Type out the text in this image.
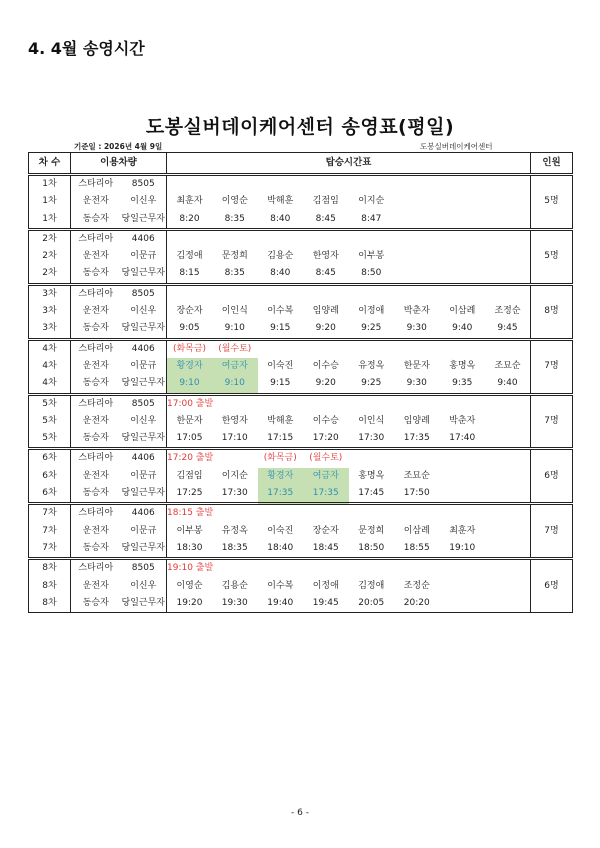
4. 4월 송영시간
도봉실버데이케어센터 송영표(평일)
기준일 : 2026년 4월 9일	도봉실버데이케어센터
차 수	이용차량		탑승시간표								인원
1차	스타리아	8505									5명
1차	운전자	이신우	최훈자	이영순	박해훈	김점임	이지순				
1차	동승자	당일근무자	8:20	8:35	8:40	8:45	8:47				
2차	스타리아	4406									5명
2차	운전자	이문규	김정애	문정희	김용순	한영자	이부봉				
2차	동승자	당일근무자	8:15	8:35	8:40	8:45	8:50				
3차	스타리아	8505									8명
3차	운전자	이신우	장순자	이인식	이수복	임양례	이정애	박춘자	이삼례	조정순	
3차	동승자	당일근무자	9:05	9:10	9:15	9:20	9:25	9:30	9:40	9:45	
4차	스타리아	4406	(화목금)	(월수토)							7명
4차	운전자	이문규	황경자	여금자	이숙진	이수승	유정옥	한문자	홍명옥	조묘순	
4차	동승자	당일근무자	9:10	9:10	9:15	9:20	9:25	9:30	9:35	9:40	
5차	스타리아	8505	17:00 출발								7명
5차	운전자	이신우	한문자	한영자	박해훈	이수승	이인식	임양례	박춘자		
5차	동승자	당일근무자	17:05	17:10	17:15	17:20	17:30	17:35	17:40		
6차	스타리아	4406	17:20 출발		(화목금)	(월수토)					6명
6차	운전자	이문규	김점임	이지순	황경자	여금자	홍명옥	조묘순			
6차	동승자	당일근무자	17:25	17:30	17:35	17:35	17:45	17:50			
7차	스타리아	4406	18:15 출발								7명
7차	운전자	이문규	이부봉	유정옥	이숙진	장순자	문정희	이삼례	최훈자		
7차	동승자	당일근무자	18:30	18:35	18:40	18:45	18:50	18:55	19:10		
8차	스타리아	8505	19:10 출발								6명
8차	운전자	이신우	이영순	김용순	이수복	이정애	김정애	조정순			
8차	동승자	당일근무자	19:20	19:30	19:40	19:45	20:05	20:20			
- 6 -
